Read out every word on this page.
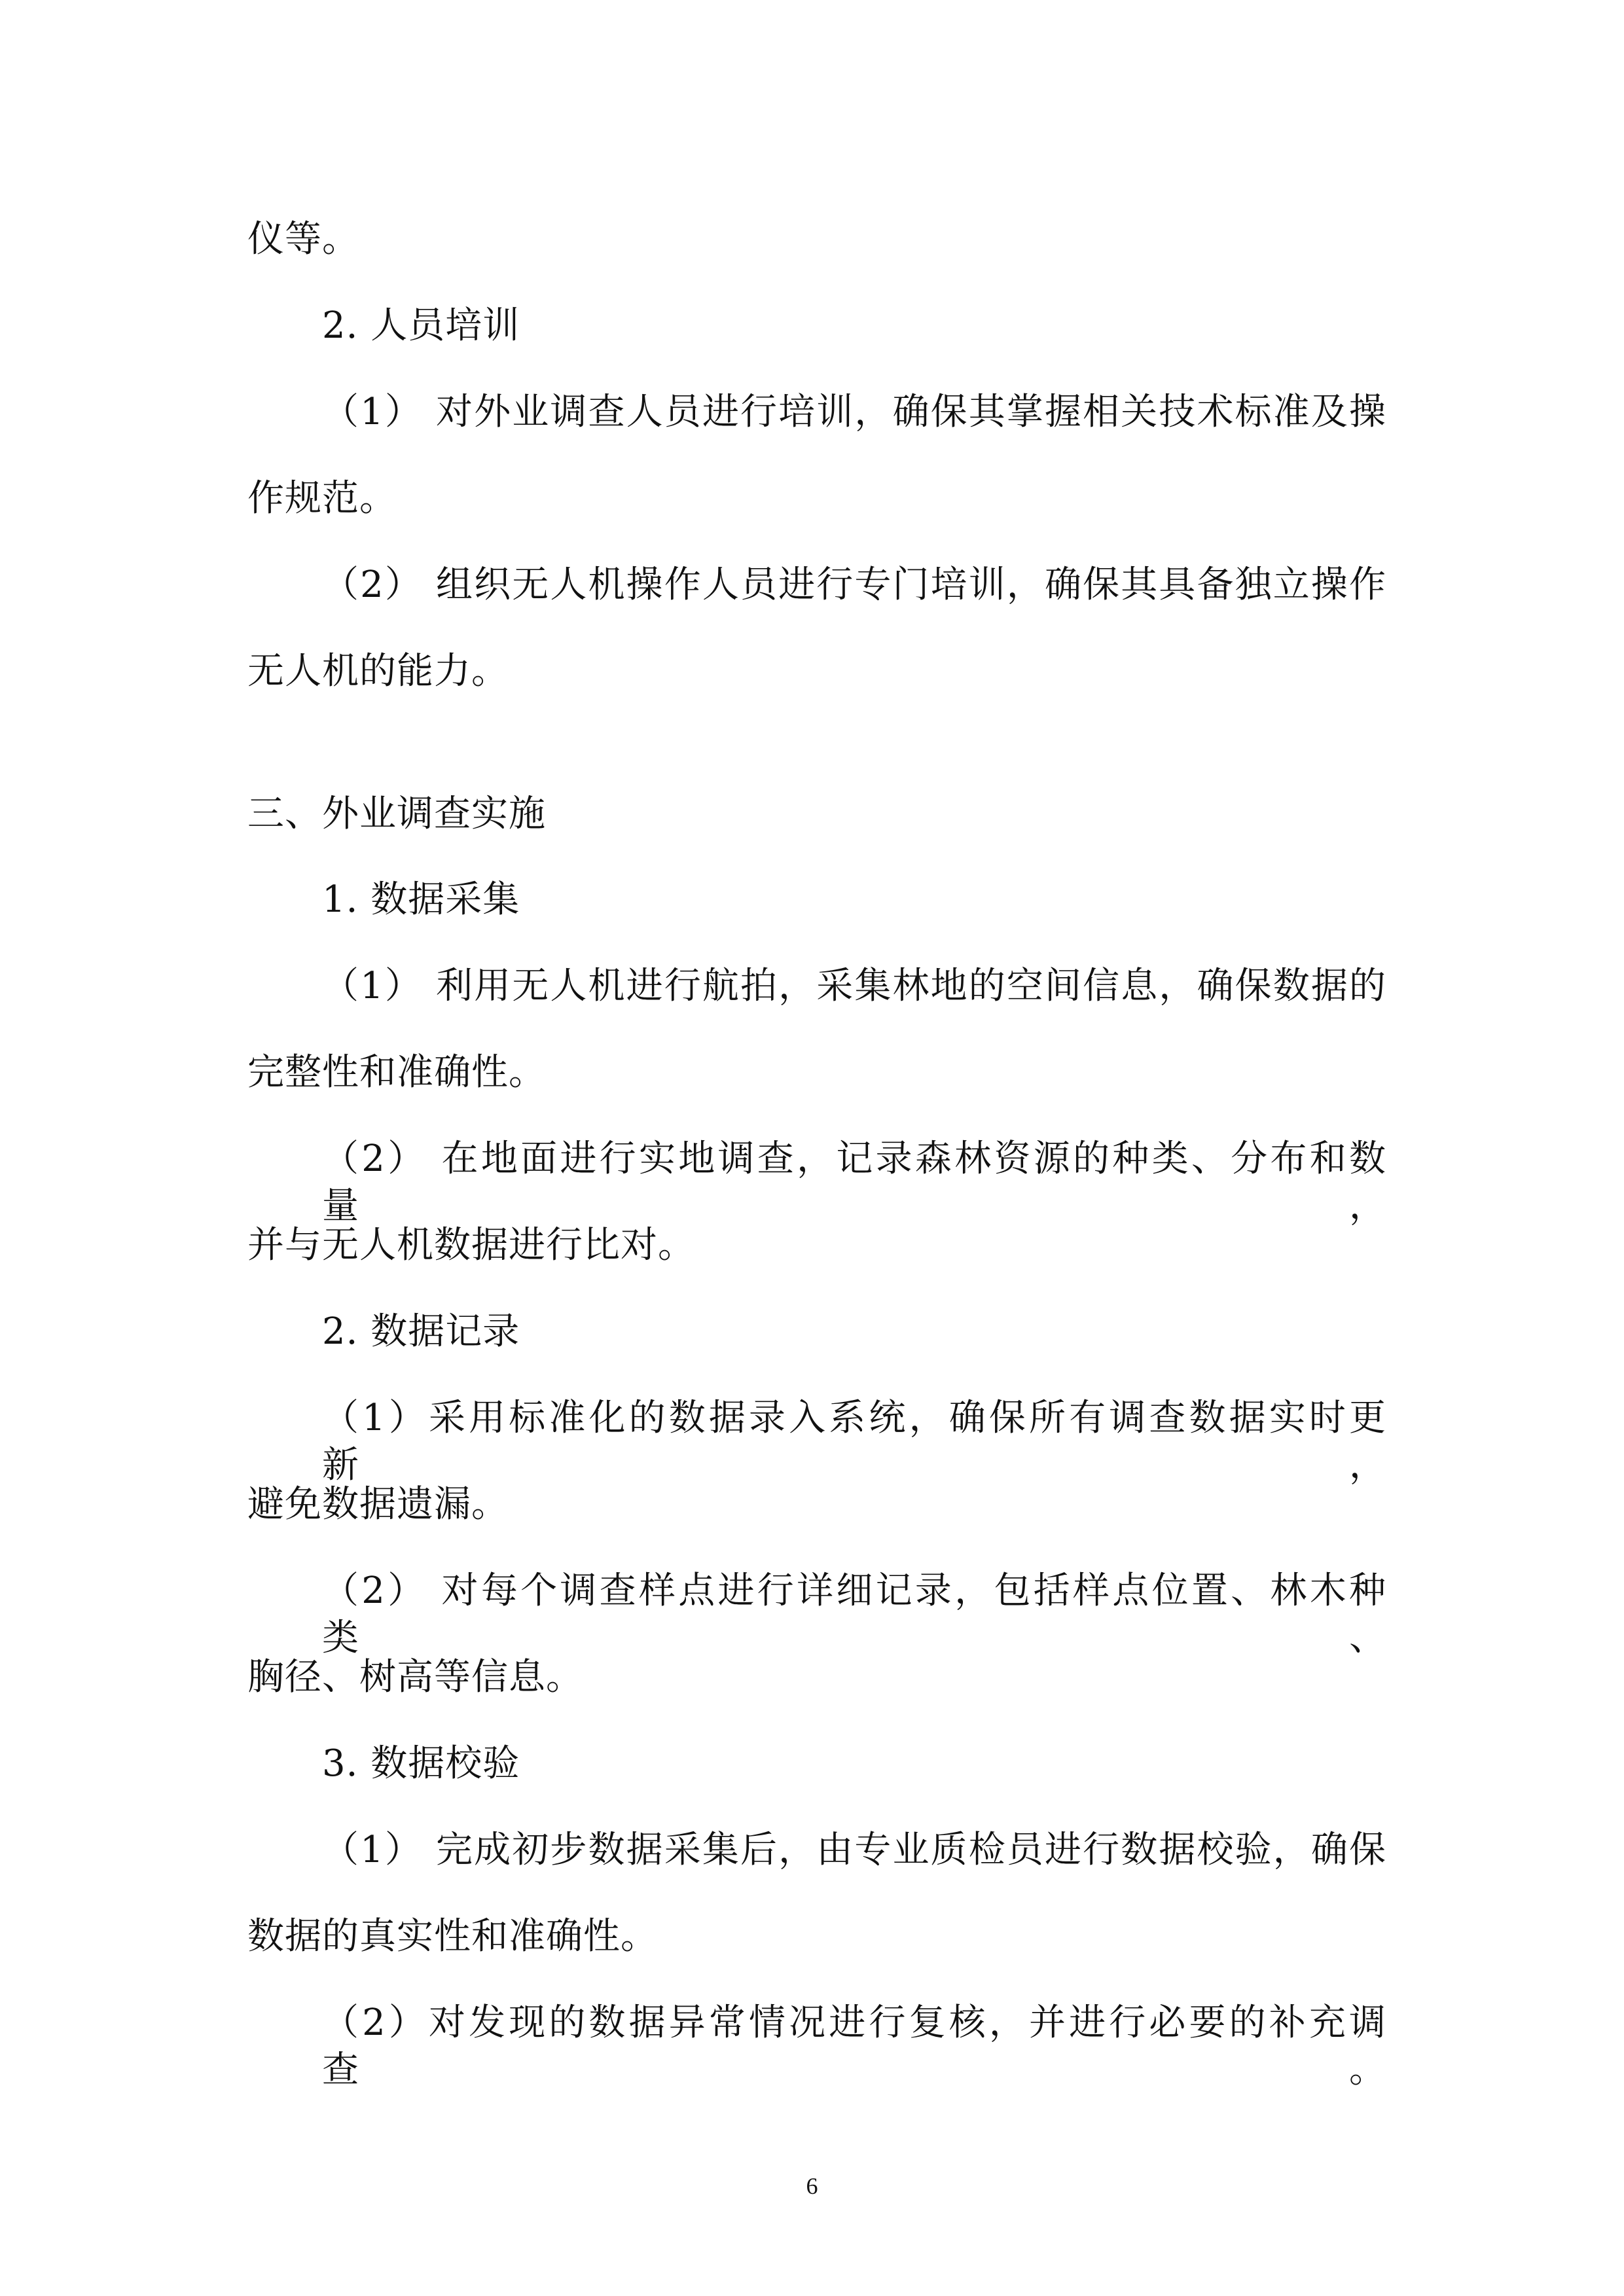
仪等。
2. 人员培训
（1） 对外业调查人员进行培训，确保其掌握相关技术标准及操
作规范。
（2） 组织无人机操作人员进行专门培训，确保其具备独立操作
无人机的能力。
三、外业调查实施
1. 数据采集
（1） 利用无人机进行航拍，采集林地的空间信息，确保数据的
完整性和准确性。
（2） 在地面进行实地调查，记录森林资源的种类、分布和数量，
并与无人机数据进行比对。
2. 数据记录
（1）采用标准化的数据录入系统，确保所有调查数据实时更新，
避免数据遗漏。
（2） 对每个调查样点进行详细记录，包括样点位置、林木种类、
胸径、树高等信息。
3. 数据校验
（1） 完成初步数据采集后，由专业质检员进行数据校验，确保
数据的真实性和准确性。
（2）对发现的数据异常情况进行复核，并进行必要的补充调查。
6
